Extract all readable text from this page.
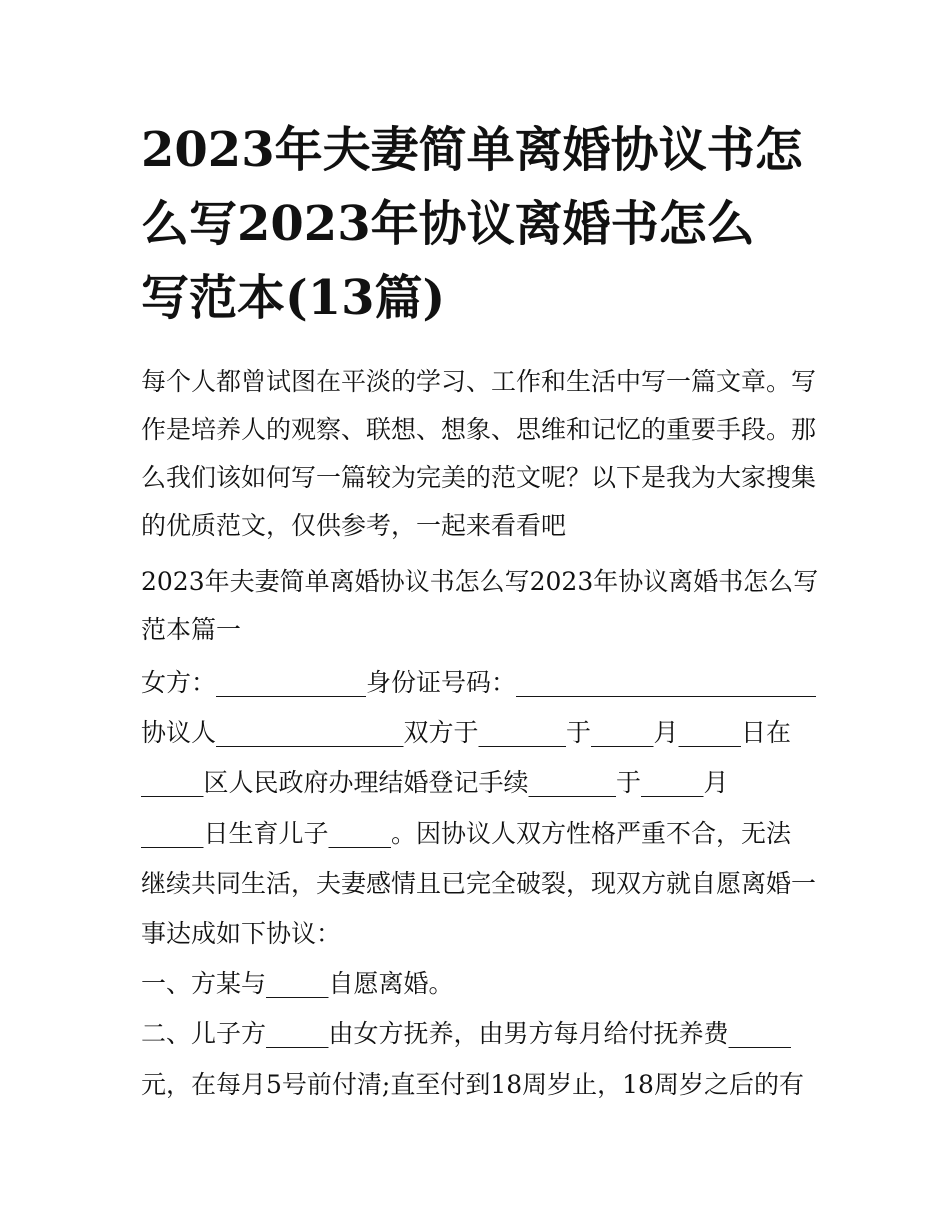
2023年夫妻简单离婚协议书怎
么写2023年协议离婚书怎么
写范本(13篇)

每个人都曾试图在平淡的学习、工作和生活中写一篇文章。写
作是培养人的观察、联想、想象、思维和记忆的重要手段。那
么我们该如何写一篇较为完美的范文呢？以下是我为大家搜集
的优质范文，仅供参考，一起来看看吧

2023年夫妻简单离婚协议书怎么写2023年协议离婚书怎么写
范本篇一

女方：____________身份证号码：________________________
协议人_______________双方于_______于_____月_____日在
_____区人民政府办理结婚登记手续_______于_____月
_____日生育儿子_____。因协议人双方性格严重不合，无法
继续共同生活，夫妻感情且已完全破裂，现双方就自愿离婚一
事达成如下协议：
一、方某与_____自愿离婚。
二、儿子方_____由女方抚养，由男方每月给付抚养费_____
元，在每月5号前付清;直至付到18周岁止，18周岁之后的有
